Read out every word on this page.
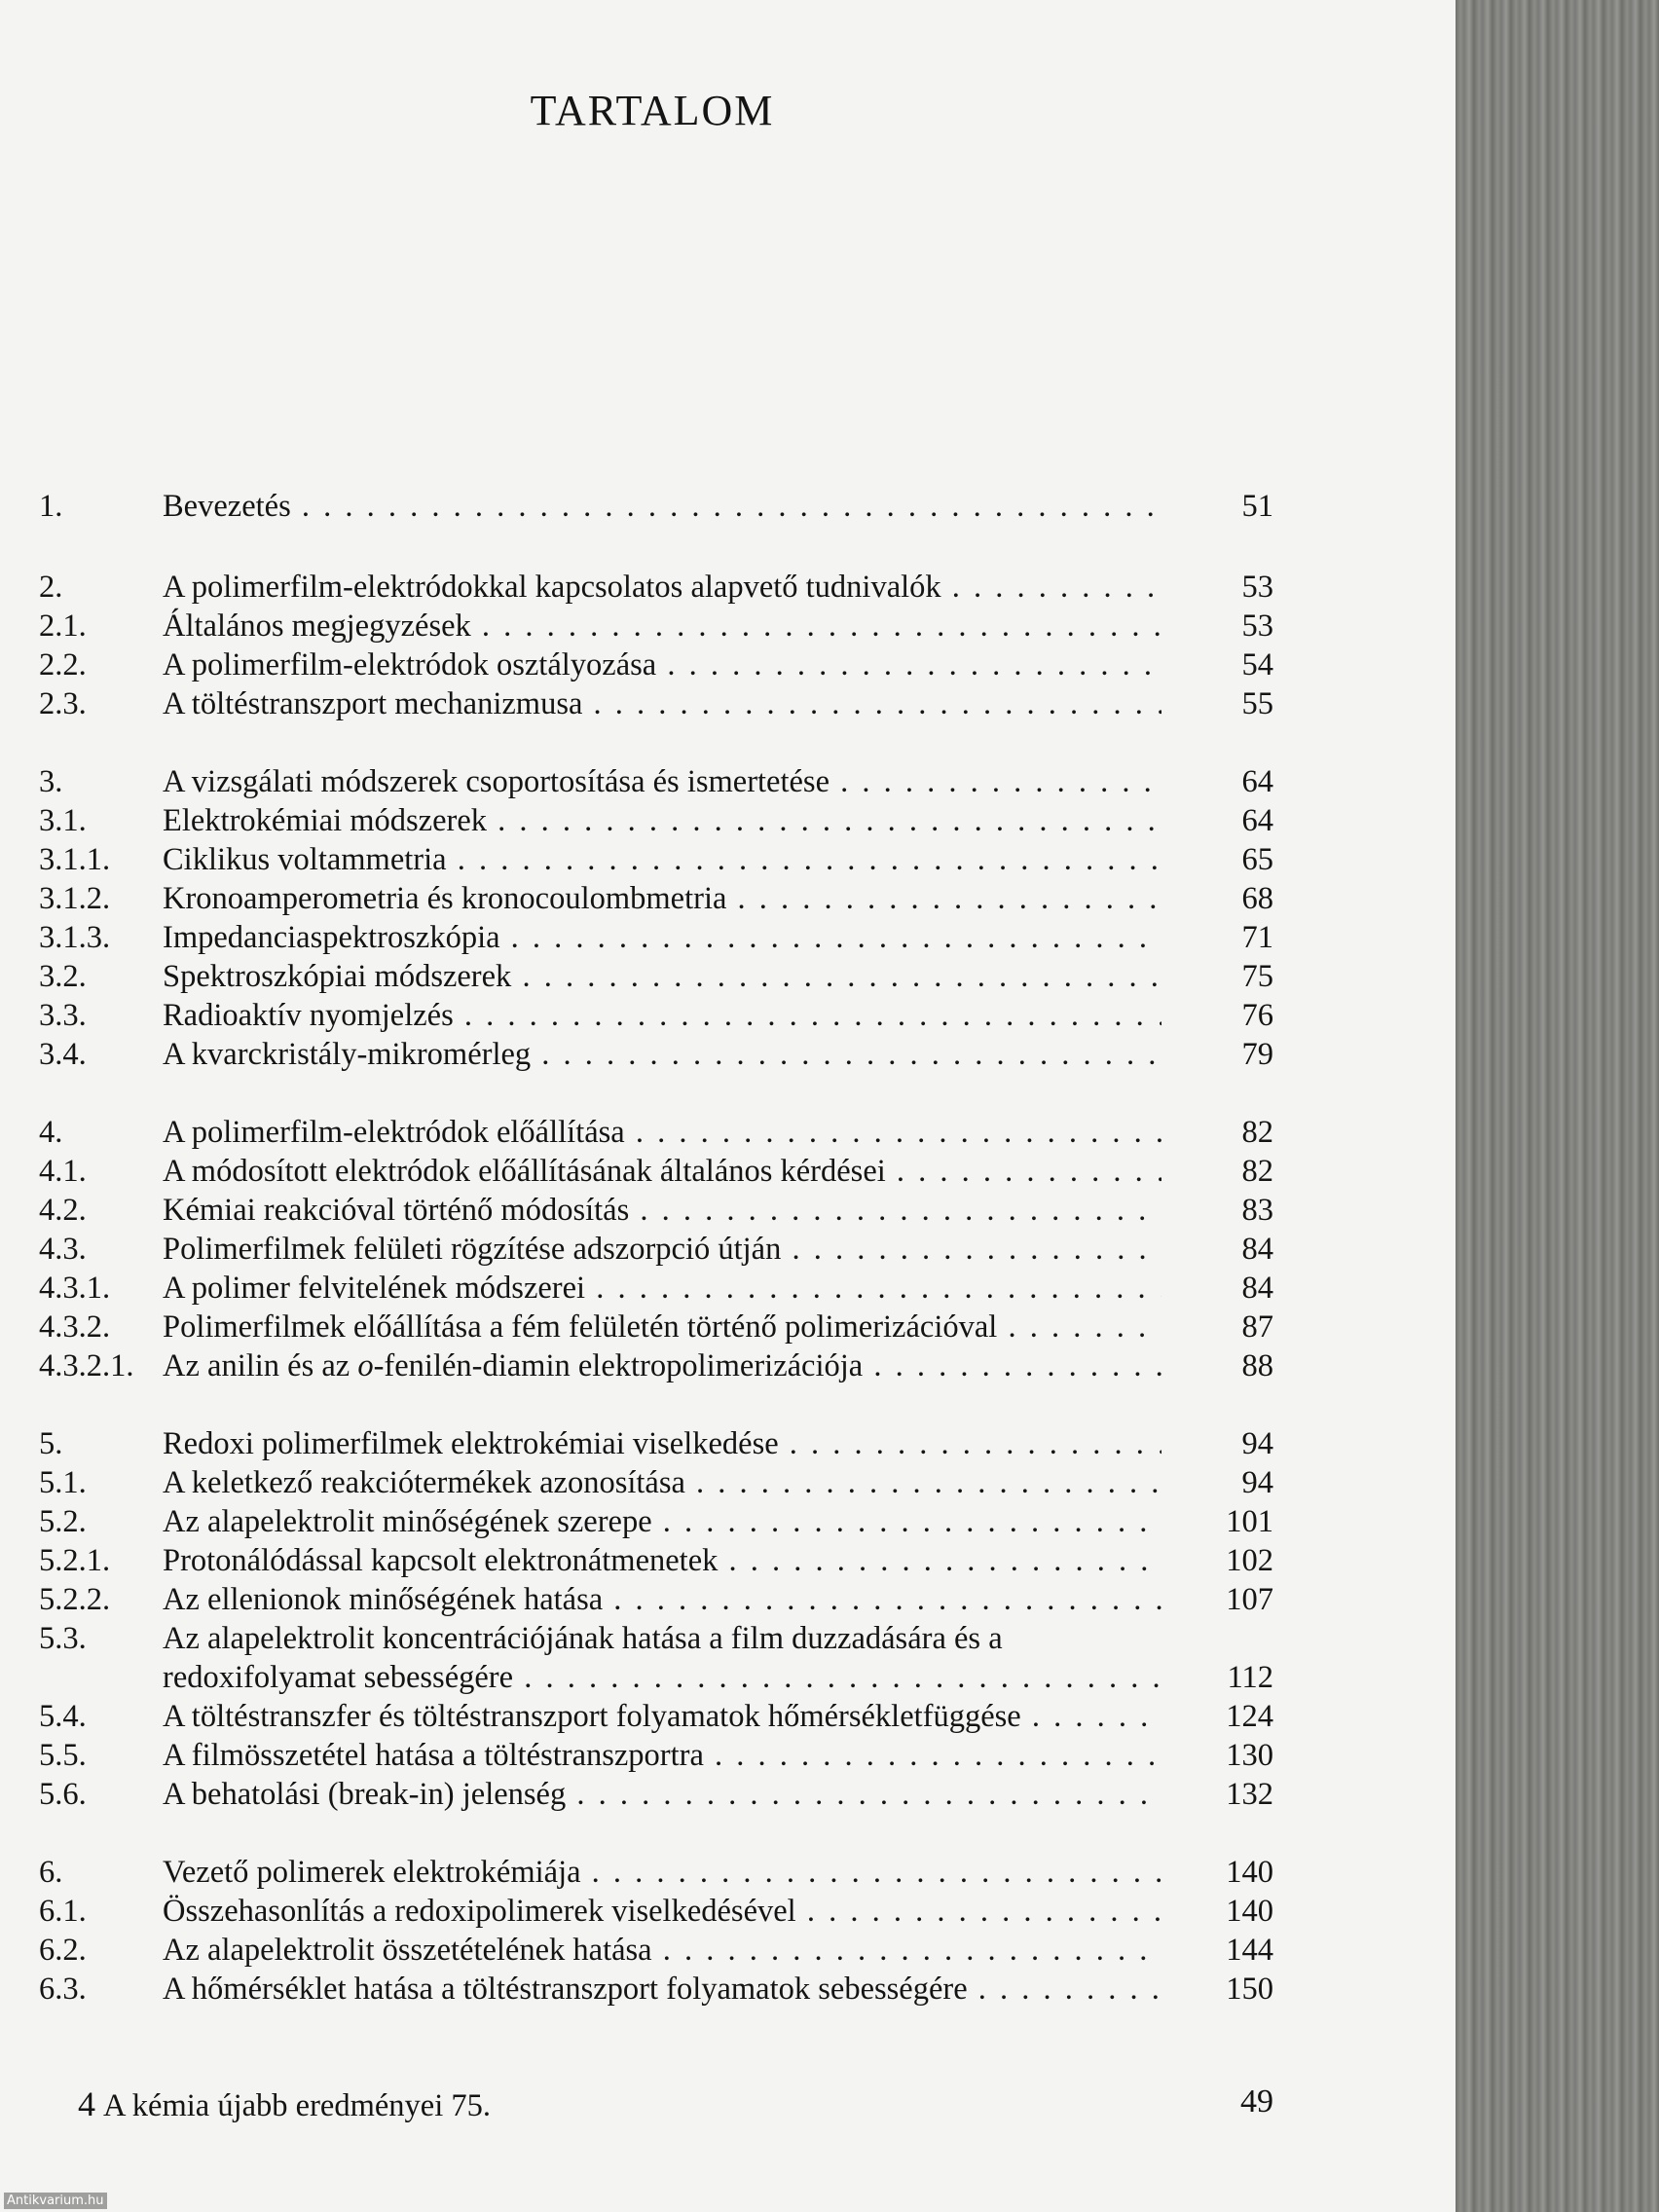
TARTALOM
1.	Bevezetés . . .	51
2.	A polimerfilm-elektródokkal kapcsolatos alapvető tudnivalók . . .	53
2.1. Általános megjegyzések . . .	53
2.2. A polimerfilm-elektródok osztályozása . . .	54
2.3. A töltéstranszport mechanizmusa . . .	55
3.	A vizsgálati módszerek csoportosítása és ismertetése . . .	64
3.1. Elektrokémiai módszerek . . .	64
3.1.1. Ciklikus voltammetria . . .	65
3.1.2. Kronoamperometria és kronocoulombmetria . . .	68
3.1.3. Impedanciaspektroszkópia . . .	71
3.2. Spektroszkópiai módszerek . . .	75
3.3. Radioaktív nyomjelzés . . .	76
3.4. A kvarckristály-mikromérleg . . .	79
4.	A polimerfilm-elektródok előállítása . . .	82
4.1. A módosított elektródok előállításának általános kérdései . . .	82
4.2. Kémiai reakcióval történő módosítás . . .	83
4.3. Polimerfilmek felületi rögzítése adszorpció útján . . .	84
4.3.1. A polimer felvitelének módszerei . . .	84
4.3.2. Polimerfilmek előállítása a fém felületén történő polimerizációval . . .	87
4.3.2.1. Az anilin és az o-fenilén-diamin elektropolimerizációja . . .	88
5.	Redoxi polimerfilmek elektrokémiai viselkedése . . .	94
5.1. A keletkező reakciótermékek azonosítása . . .	94
5.2. Az alapelektrolit minőségének szerepe . . .	101
5.2.1. Protonálódással kapcsolt elektronátmenetek . . .	102
5.2.2. Az ellenionok minőségének hatása . . .	107
5.3. Az alapelektrolit koncentrációjának hatása a film duzzadására és a
redoxifolyamat sebességére . . .	112
5.4. A töltéstranszfer és töltéstranszport folyamatok hőmérsékletfüggése . . .	124
5.5. A filmösszetétel hatása a töltéstranszportra . . .	130
5.6. A behatolási (break-in) jelenség . . .	132
6.	Vezető polimerek elektrokémiája . . .	140
6.1. Összehasonlítás a redoxipolimerek viselkedésével . . .	140
6.2. Az alapelektrolit összetételének hatása . . .	144
6.3. A hőmérséklet hatása a töltéstranszport folyamatok sebességére . . .	150
4 A kémia újabb eredményei 75.	49
Antikvarium.hu
